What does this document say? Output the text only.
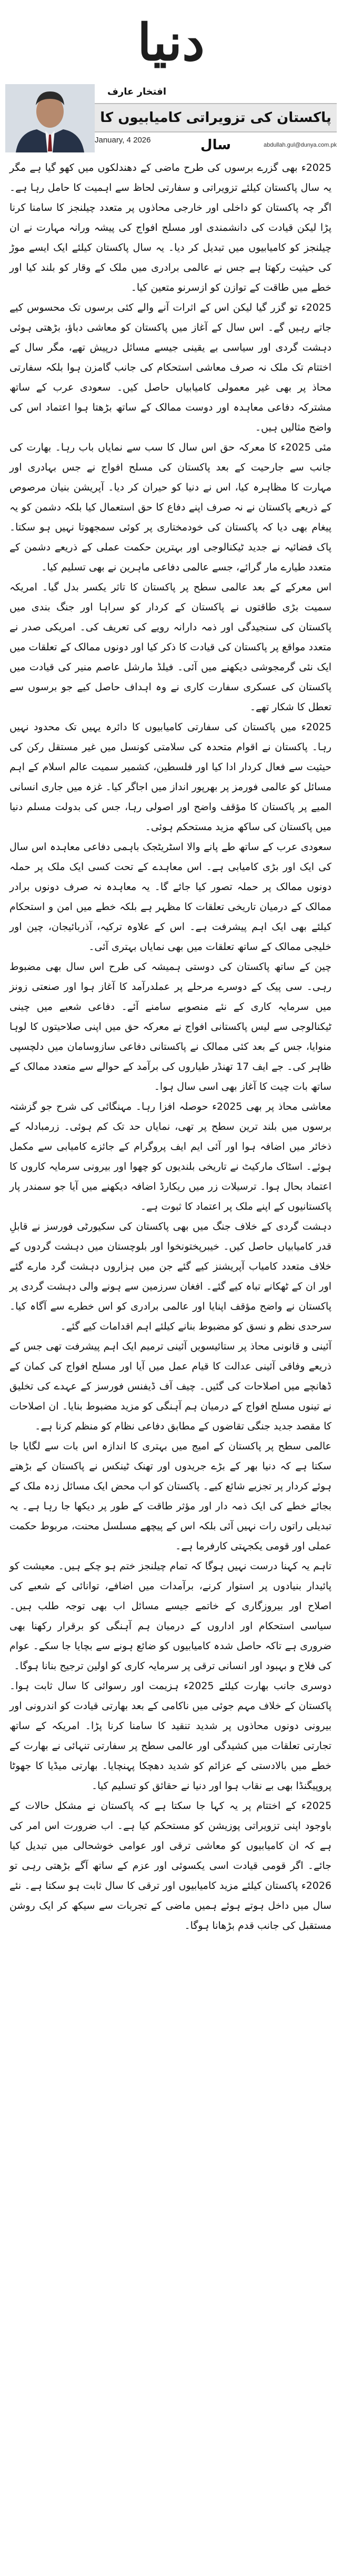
دنیا
افتخار عارف
پاکستان کی تزویراتی کامیابیوں کا سال
January, 4 2026
abdullah.gul@dunya.com.pk

2025ء بھی گزرے برسوں کی طرح ماضی کے دھندلکوں میں کھو گیا ہے مگر یہ سال پاکستان کیلئے تزویراتی و سفارتی لحاظ سے اہمیت کا حامل رہا ہے۔ اگر چہ پاکستان کو داخلی اور خارجی محاذوں پر متعدد چیلنجز کا سامنا کرنا پڑا لیکن قیادت کی دانشمندی اور مسلح افواج کی پیشہ ورانہ مہارت نے ان چیلنجز کو کامیابیوں میں تبدیل کر دیا۔ یہ سال پاکستان کیلئے ایک ایسے موڑ کی حیثیت رکھتا ہے جس نے عالمی برادری میں ملک کے وقار کو بلند کیا اور خطے میں طاقت کے توازن کو ازسرنو متعین کیا۔

2025ء تو گزر گیا لیکن اس کے اثرات آنے والے کئی برسوں تک محسوس کیے جاتے رہیں گے۔ اس سال کے آغاز میں پاکستان کو معاشی دباؤ، بڑھتی ہوئی دہشت گردی اور سیاسی بے یقینی جیسے مسائل درپیش تھے، مگر سال کے اختتام تک ملک نہ صرف معاشی استحکام کی جانب گامزن ہوا بلکہ سفارتی محاذ پر بھی غیر معمولی کامیابیاں حاصل کیں۔ سعودی عرب کے ساتھ مشترکہ دفاعی معاہدہ اور دوست ممالک کے ساتھ بڑھتا ہوا اعتماد اس کی واضح مثالیں ہیں۔

مئی 2025ء کا معرکہ حق اس سال کا سب سے نمایاں باب رہا۔ بھارت کی جانب سے جارحیت کے بعد پاکستان کی مسلح افواج نے جس بہادری اور مہارت کا مظاہرہ کیا، اس نے دنیا کو حیران کر دیا۔ آپریشن بنیان مرصوص کے ذریعے پاکستان نے نہ صرف اپنے دفاع کا حق استعمال کیا بلکہ دشمن کو یہ پیغام بھی دیا کہ پاکستان کی خودمختاری پر کوئی سمجھوتا نہیں ہو سکتا۔ پاک فضائیہ نے جدید ٹیکنالوجی اور بہترین حکمت عملی کے ذریعے دشمن کے متعدد طیارے مار گرائے، جسے عالمی دفاعی ماہرین نے بھی تسلیم کیا۔

اس معرکے کے بعد عالمی سطح پر پاکستان کا تاثر یکسر بدل گیا۔ امریکہ سمیت بڑی طاقتوں نے پاکستان کے کردار کو سراہا اور جنگ بندی میں پاکستان کی سنجیدگی اور ذمہ دارانہ رویے کی تعریف کی۔ امریکی صدر نے متعدد مواقع پر پاکستان کی قیادت کا ذکر کیا اور دونوں ممالک کے تعلقات میں ایک نئی گرمجوشی دیکھنے میں آئی۔ فیلڈ مارشل عاصم منیر کی قیادت میں پاکستان کی عسکری سفارت کاری نے وہ اہداف حاصل کیے جو برسوں سے تعطل کا شکار تھے۔

2025ء میں پاکستان کی سفارتی کامیابیوں کا دائرہ یہیں تک محدود نہیں رہا۔ پاکستان نے اقوام متحدہ کی سلامتی کونسل میں غیر مستقل رکن کی حیثیت سے فعال کردار ادا کیا اور فلسطین، کشمیر سمیت عالم اسلام کے اہم مسائل کو عالمی فورمز پر بھرپور انداز میں اجاگر کیا۔ غزہ میں جاری انسانی المیے پر پاکستان کا مؤقف واضح اور اصولی رہا، جس کی بدولت مسلم دنیا میں پاکستان کی ساکھ مزید مستحکم ہوئی۔

سعودی عرب کے ساتھ طے پانے والا اسٹریٹجک باہمی دفاعی معاہدہ اس سال کی ایک اور بڑی کامیابی ہے۔ اس معاہدے کے تحت کسی ایک ملک پر حملہ دونوں ممالک پر حملہ تصور کیا جائے گا۔ یہ معاہدہ نہ صرف دونوں برادر ممالک کے درمیان تاریخی تعلقات کا مظہر ہے بلکہ خطے میں امن و استحکام کیلئے بھی ایک اہم پیشرفت ہے۔ اس کے علاوہ ترکیہ، آذربائیجان، چین اور خلیجی ممالک کے ساتھ تعلقات میں بھی نمایاں بہتری آئی۔

چین کے ساتھ پاکستان کی دوستی ہمیشہ کی طرح اس سال بھی مضبوط رہی۔ سی پیک کے دوسرے مرحلے پر عملدرآمد کا آغاز ہوا اور صنعتی زونز میں سرمایہ کاری کے نئے منصوبے سامنے آئے۔ دفاعی شعبے میں چینی ٹیکنالوجی سے لیس پاکستانی افواج نے معرکہ حق میں اپنی صلاحیتوں کا لوہا منوایا، جس کے بعد کئی ممالک نے پاکستانی دفاعی سازوسامان میں دلچسپی ظاہر کی۔ جے ایف 17 تھنڈر طیاروں کی برآمد کے حوالے سے متعدد ممالک کے ساتھ بات چیت کا آغاز بھی اسی سال ہوا۔

معاشی محاذ پر بھی 2025ء حوصلہ افزا رہا۔ مہنگائی کی شرح جو گزشتہ برسوں میں بلند ترین سطح پر تھی، نمایاں حد تک کم ہوئی۔ زرمبادلہ کے ذخائر میں اضافہ ہوا اور آئی ایم ایف پروگرام کے جائزے کامیابی سے مکمل ہوئے۔ اسٹاک مارکیٹ نے تاریخی بلندیوں کو چھوا اور بیرونی سرمایہ کاروں کا اعتماد بحال ہوا۔ ترسیلات زر میں ریکارڈ اضافہ دیکھنے میں آیا جو سمندر پار پاکستانیوں کے اپنے ملک پر اعتماد کا ثبوت ہے۔

دہشت گردی کے خلاف جنگ میں بھی پاکستان کی سکیورٹی فورسز نے قابلِ قدر کامیابیاں حاصل کیں۔ خیبرپختونخوا اور بلوچستان میں دہشت گردوں کے خلاف متعدد کامیاب آپریشنز کیے گئے جن میں ہزاروں دہشت گرد مارے گئے اور ان کے ٹھکانے تباہ کیے گئے۔ افغان سرزمین سے ہونے والی دہشت گردی پر پاکستان نے واضح مؤقف اپنایا اور عالمی برادری کو اس خطرے سے آگاہ کیا۔ سرحدی نظم و نسق کو مضبوط بنانے کیلئے اہم اقدامات کیے گئے۔

آئینی و قانونی محاذ پر ستائیسویں آئینی ترمیم ایک اہم پیشرفت تھی جس کے ذریعے وفاقی آئینی عدالت کا قیام عمل میں آیا اور مسلح افواج کی کمان کے ڈھانچے میں اصلاحات کی گئیں۔ چیف آف ڈیفنس فورسز کے عہدے کی تخلیق نے تینوں مسلح افواج کے درمیان ہم آہنگی کو مزید مضبوط بنایا۔ ان اصلاحات کا مقصد جدید جنگی تقاضوں کے مطابق دفاعی نظام کو منظم کرنا ہے۔

عالمی سطح پر پاکستان کے امیج میں بہتری کا اندازہ اس بات سے لگایا جا سکتا ہے کہ دنیا بھر کے بڑے جریدوں اور تھنک ٹینکس نے پاکستان کے بڑھتے ہوئے کردار پر تجزیے شائع کیے۔ پاکستان کو اب محض ایک مسائل زدہ ملک کے بجائے خطے کی ایک ذمہ دار اور مؤثر طاقت کے طور پر دیکھا جا رہا ہے۔ یہ تبدیلی راتوں رات نہیں آئی بلکہ اس کے پیچھے مسلسل محنت، مربوط حکمت عملی اور قومی یکجہتی کارفرما ہے۔

تاہم یہ کہنا درست نہیں ہوگا کہ تمام چیلنجز ختم ہو چکے ہیں۔ معیشت کو پائیدار بنیادوں پر استوار کرنے، برآمدات میں اضافے، توانائی کے شعبے کی اصلاح اور بیروزگاری کے خاتمے جیسے مسائل اب بھی توجہ طلب ہیں۔ سیاسی استحکام اور اداروں کے درمیان ہم آہنگی کو برقرار رکھنا بھی ضروری ہے تاکہ حاصل شدہ کامیابیوں کو ضائع ہونے سے بچایا جا سکے۔ عوام کی فلاح و بہبود اور انسانی ترقی پر سرمایہ کاری کو اولین ترجیح بنانا ہوگا۔

دوسری جانب بھارت کیلئے 2025ء ہزیمت اور رسوائی کا سال ثابت ہوا۔ پاکستان کے خلاف مہم جوئی میں ناکامی کے بعد بھارتی قیادت کو اندرونی اور بیرونی دونوں محاذوں پر شدید تنقید کا سامنا کرنا پڑا۔ امریکہ کے ساتھ تجارتی تعلقات میں کشیدگی اور عالمی سطح پر سفارتی تنہائی نے بھارت کے خطے میں بالادستی کے عزائم کو شدید دھچکا پہنچایا۔ بھارتی میڈیا کا جھوٹا پروپیگنڈا بھی بے نقاب ہوا اور دنیا نے حقائق کو تسلیم کیا۔

2025ء کے اختتام پر یہ کہا جا سکتا ہے کہ پاکستان نے مشکل حالات کے باوجود اپنی تزویراتی پوزیشن کو مستحکم کیا ہے۔ اب ضرورت اس امر کی ہے کہ ان کامیابیوں کو معاشی ترقی اور عوامی خوشحالی میں تبدیل کیا جائے۔ اگر قومی قیادت اسی یکسوئی اور عزم کے ساتھ آگے بڑھتی رہی تو 2026ء پاکستان کیلئے مزید کامیابیوں اور ترقی کا سال ثابت ہو سکتا ہے۔ نئے سال میں داخل ہوتے ہوئے ہمیں ماضی کے تجربات سے سیکھ کر ایک روشن مستقبل کی جانب قدم بڑھانا ہوگا۔
